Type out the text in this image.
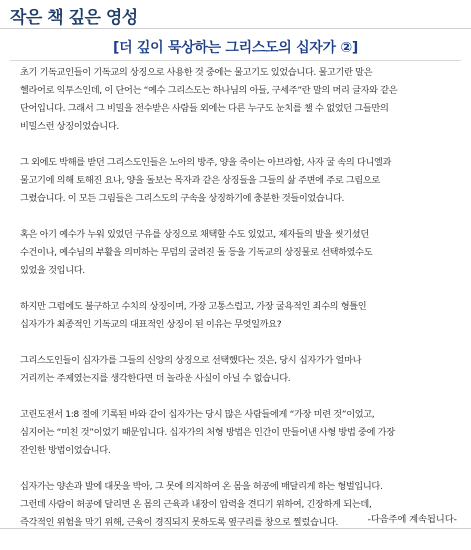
작은 책 깊은 영성
[더 깊이 묵상하는 그리스도의 십자가 ②]

초기 기독교인들이 기독교의 상징으로 사용한 것 중에는 물고기도 있었습니다. 물고기란 말은
헬라어로 익투스인데, 이 단어는 “예수 그리스도는 하나님의 아들, 구세주”란 말의 머리 글자와 같은
단어입니다. 그래서 그 비밀을 전수받은 사람들 외에는 다른 누구도 눈치를 챌 수 없었던 그들만의
비밀스런 상징이었습니다.

그 외에도 박해를 받던 그리스도인들은 노아의 방주, 양을 죽이는 아브라함, 사자 굴 속의 다니엘과
물고기에 의해 토해진 요나, 양을 돌보는 목자과 같은 상징들을 그들의 삶 주변에 주로 그림으로
그렸습니다. 이 모든 그림들은 그리스도의 구속을 상징하기에 충분한 것들이었습니다.

혹은 아기 예수가 누워 있었던 구유를 상징으로 채택할 수도 있었고, 제자들의 발을 씻기셨던
수건이나, 예수님의 부활을 의미하는 무덤의 굴려진 돌 등을 기독교의 상징물로 선택하였수도
있었을 것입니다.

하지만 그럼에도 불구하고 수치의 상징이며, 가장 고통스럽고, 가장 굴욕적인 죄수의 형틀인
십자가가 최종적인 기독교의 대표적인 상징이 된 이유는 무엇일까요?

그리스도인들이 십자가를 그들의 신앙의 상징으로 선택했다는 것은, 당시 십자가가 얼마나
거리끼는 주제였는지를 생각한다면 더 놀라운 사실이 아닐 수 없습니다.

고린도전서 1:8 절에 기록된 바와 같이 십자가는 당시 많은 사람들에게 “가장 미련 것”이었고,
심지어는 “미친 것”이었기 때문입니다. 십자가의 처형 방법은 인간이 만들어낸 사형 방법 중에 가장
잔인한 방법이었습니다.

십자가는 양손과 발에 대못을 박아, 그 못에 의지하여 온 몸을 허공에 매달리게 하는 형벌입니다.
그런데 사람이 허공에 달리면 온 몸의 근육과 내장이 압력을 견디기 위하여, 긴장하게 되는데,
즉각적인 위험을 막기 위해, 근육이 경직되지 못하도록 옆구리를 창으로 찔렀습니다.	-다음주에 계속됩니다-
